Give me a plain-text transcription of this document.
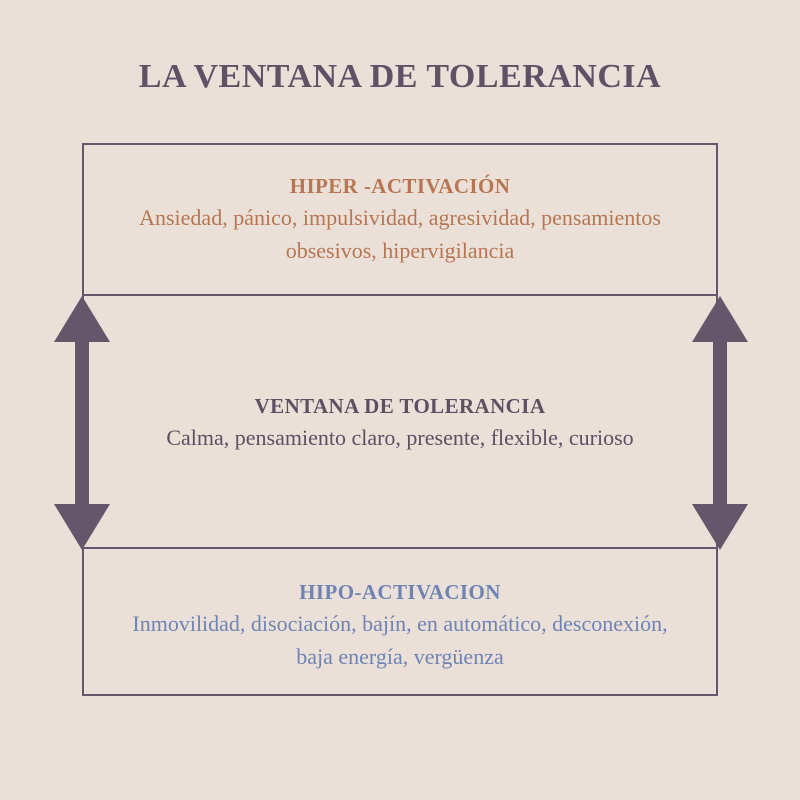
LA VENTANA DE TOLERANCIA
HIPER -ACTIVACIÓN
Ansiedad, pánico, impulsividad, agresividad, pensamientos obsesivos, hipervigilancia
VENTANA DE TOLERANCIA
Calma, pensamiento claro, presente, flexible, curioso
HIPO-ACTIVACION
Inmovilidad, disociación, bajín, en automático, desconexión, baja energía, vergüenza
